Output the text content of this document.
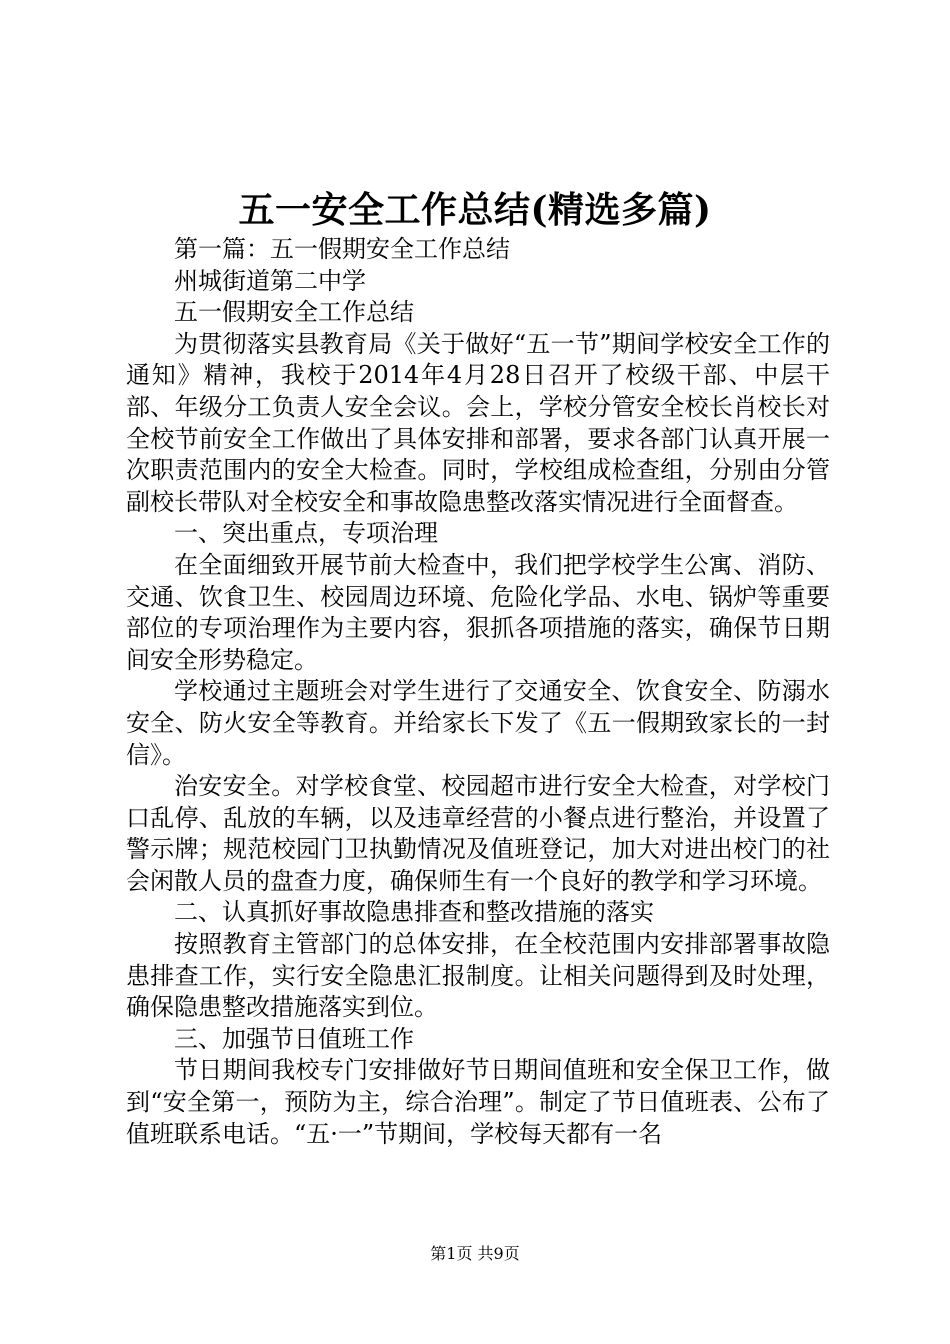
五一安全工作总结(精选多篇)

第一篇：五一假期安全工作总结

州城街道第二中学

五一假期安全工作总结

为贯彻落实县教育局《关于做好“五一节”期间学校安全工作的通知》精神，我校于2014年4月28日召开了校级干部、中层干部、年级分工负责人安全会议。会上，学校分管安全校长肖校长对全校节前安全工作做出了具体安排和部署，要求各部门认真开展一次职责范围内的安全大检查。同时，学校组成检查组，分别由分管副校长带队对全校安全和事故隐患整改落实情况进行全面督查。

一、突出重点，专项治理

在全面细致开展节前大检查中，我们把学校学生公寓、消防、交通、饮食卫生、校园周边环境、危险化学品、水电、锅炉等重要部位的专项治理作为主要内容，狠抓各项措施的落实，确保节日期间安全形势稳定。

学校通过主题班会对学生进行了交通安全、饮食安全、防溺水安全、防火安全等教育。并给家长下发了《五一假期致家长的一封信》。

治安安全。对学校食堂、校园超市进行安全大检查，对学校门口乱停、乱放的车辆，以及违章经营的小餐点进行整治，并设置了警示牌；规范校园门卫执勤情况及值班登记，加大对进出校门的社会闲散人员的盘查力度，确保师生有一个良好的教学和学习环境。

二、认真抓好事故隐患排查和整改措施的落实

按照教育主管部门的总体安排，在全校范围内安排部署事故隐患排查工作，实行安全隐患汇报制度。让相关问题得到及时处理，确保隐患整改措施落实到位。

三、加强节日值班工作

节日期间我校专门安排做好节日期间值班和安全保卫工作，做到“安全第一，预防为主，综合治理”。制定了节日值班表、公布了值班联系电话。“五·一”节期间，学校每天都有一名

第1页 共9页
